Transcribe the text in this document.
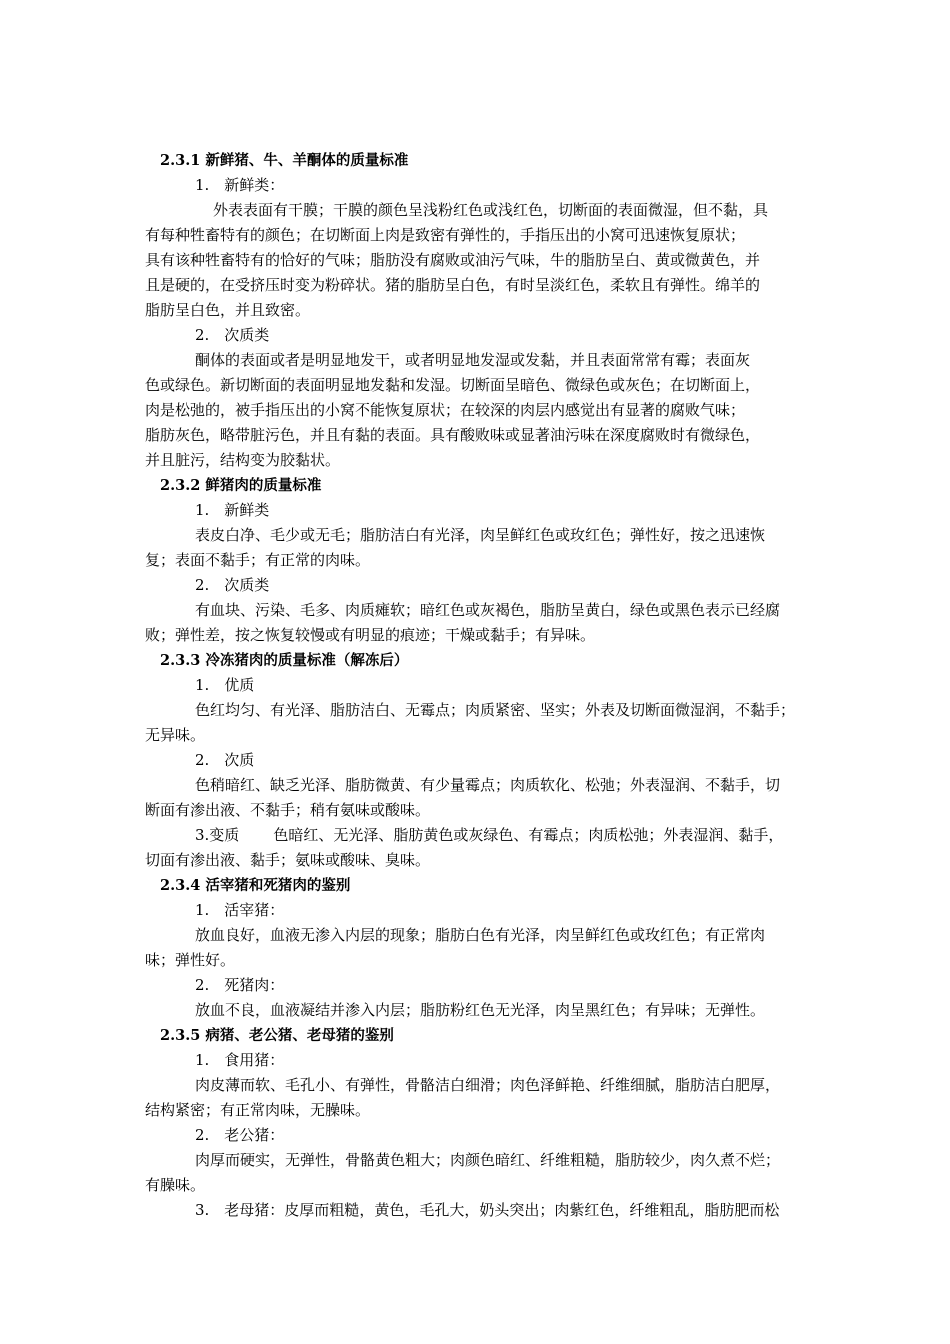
2.3.1 新鲜猪、牛、羊酮体的质量标准
1.　新鲜类：
外表表面有干膜；干膜的颜色呈浅粉红色或浅红色，切断面的表面微湿，但不黏，具
有每种牲畜特有的颜色；在切断面上肉是致密有弹性的，手指压出的小窝可迅速恢复原状；
具有该种牲畜特有的恰好的气味；脂肪没有腐败或油污气味，牛的脂肪呈白、黄或微黄色，并
且是硬的，在受挤压时变为粉碎状。猪的脂肪呈白色，有时呈淡红色，柔软且有弹性。绵羊的
脂肪呈白色，并且致密。
2.　次质类
酮体的表面或者是明显地发干，或者明显地发湿或发黏，并且表面常常有霉；表面灰
色或绿色。新切断面的表面明显地发黏和发湿。切断面呈暗色、微绿色或灰色；在切断面上，
肉是松弛的，被手指压出的小窝不能恢复原状；在较深的肉层内感觉出有显著的腐败气味；
脂肪灰色，略带脏污色，并且有黏的表面。具有酸败味或显著油污味在深度腐败时有微绿色，
并且脏污，结构变为胶黏状。
2.3.2 鲜猪肉的质量标准
1.　新鲜类
表皮白净、毛少或无毛；脂肪洁白有光泽，肉呈鲜红色或玫红色；弹性好，按之迅速恢
复；表面不黏手；有正常的肉味。
2.　次质类
有血块、污染、毛多、肉质瘫软；暗红色或灰褐色，脂肪呈黄白，绿色或黑色表示已经腐
败；弹性差，按之恢复较慢或有明显的痕迹；干燥或黏手；有异味。
2.3.3 冷冻猪肉的质量标准（解冻后）
1.　优质
色红均匀、有光泽、脂肪洁白、无霉点；肉质紧密、坚实；外表及切断面微湿润，不黏手；
无异味。
2.　次质
色稍暗红、缺乏光泽、脂肪微黄、有少量霉点；肉质软化、松弛；外表湿润、不黏手，切
断面有渗出液、不黏手；稍有氨味或酸味。
3.变质 色暗红、无光泽、脂肪黄色或灰绿色、有霉点；肉质松弛；外表湿润、黏手，
切面有渗出液、黏手；氨味或酸味、臭味。
2.3.4 活宰猪和死猪肉的鉴别
1.　活宰猪：
放血良好，血液无渗入内层的现象；脂肪白色有光泽，肉呈鲜红色或玫红色；有正常肉
味；弹性好。
2.　死猪肉：
放血不良，血液凝结并渗入内层；脂肪粉红色无光泽，肉呈黑红色；有异味；无弹性。
2.3.5 病猪、老公猪、老母猪的鉴别
1.　食用猪：
肉皮薄而软、毛孔小、有弹性，骨骼洁白细滑；肉色泽鲜艳、纤维细腻，脂肪洁白肥厚，
结构紧密；有正常肉味，无臊味。
2.　老公猪：
肉厚而硬实，无弹性，骨骼黄色粗大；肉颜色暗红、纤维粗糙，脂肪较少，肉久煮不烂；
有臊味。
3.　老母猪：皮厚而粗糙，黄色，毛孔大，奶头突出；肉紫红色，纤维粗乱，脂肪肥而松
